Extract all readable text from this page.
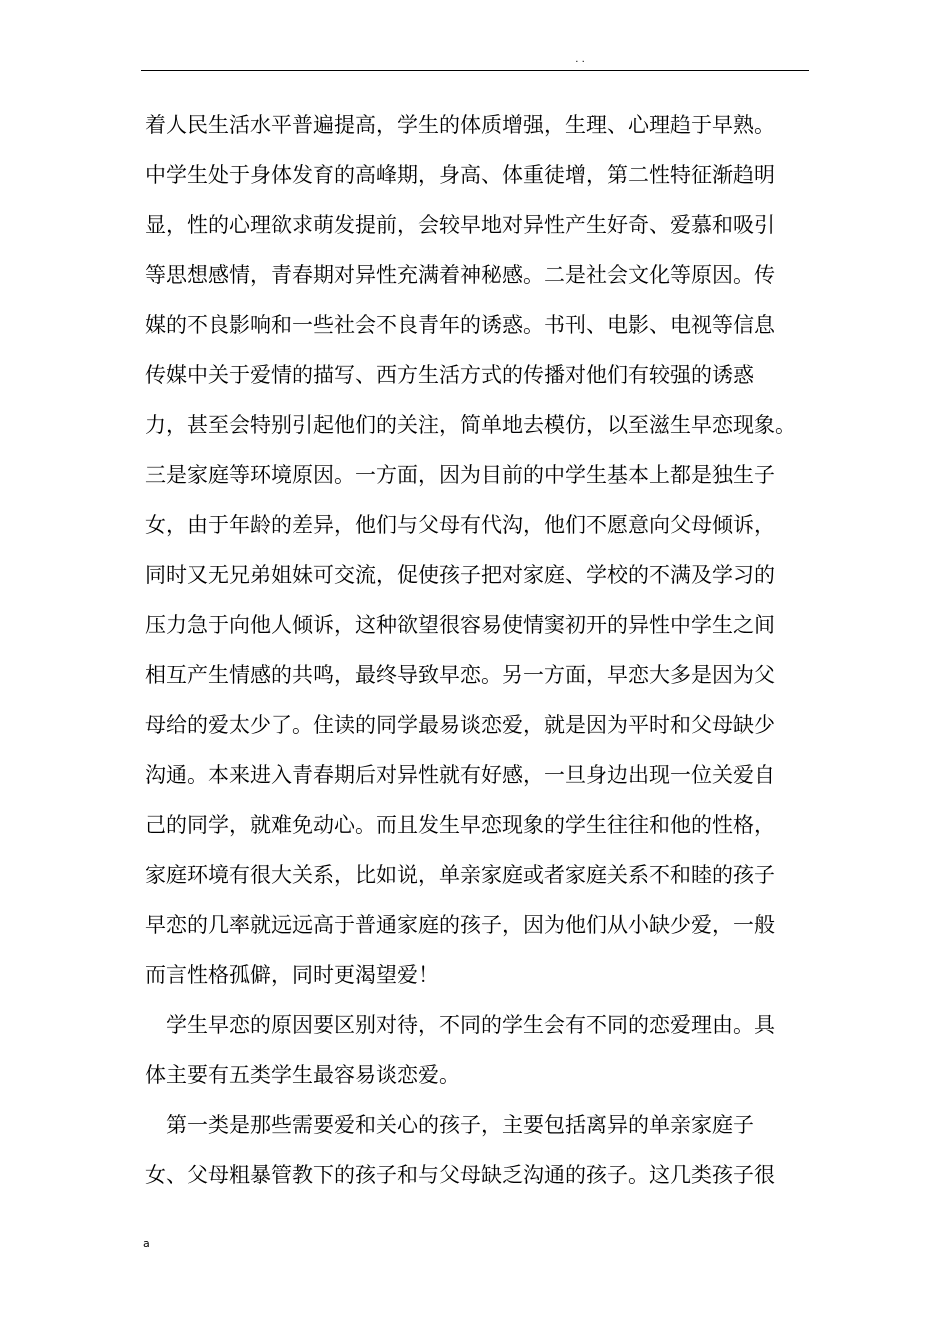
· ·
着人民生活水平普遍提高，学生的体质增强，生理、心理趋于早熟。
中学生处于身体发育的高峰期，身高、体重徒增，第二性特征渐趋明
显，性的心理欲求萌发提前，会较早地对异性产生好奇、爱慕和吸引
等思想感情，青春期对异性充满着神秘感。二是社会文化等原因。传
媒的不良影响和一些社会不良青年的诱惑。书刊、电影、电视等信息
传媒中关于爱情的描写、西方生活方式的传播对他们有较强的诱惑
力，甚至会特别引起他们的关注，简单地去模仿，以至滋生早恋现象。
三是家庭等环境原因。一方面，因为目前的中学生基本上都是独生子
女，由于年龄的差异，他们与父母有代沟，他们不愿意向父母倾诉，
同时又无兄弟姐妹可交流，促使孩子把对家庭、学校的不满及学习的
压力急于向他人倾诉，这种欲望很容易使情窦初开的异性中学生之间
相互产生情感的共鸣，最终导致早恋。另一方面，早恋大多是因为父
母给的爱太少了。住读的同学最易谈恋爱，就是因为平时和父母缺少
沟通。本来进入青春期后对异性就有好感，一旦身边出现一位关爱自
己的同学，就难免动心。而且发生早恋现象的学生往往和他的性格，
家庭环境有很大关系，比如说，单亲家庭或者家庭关系不和睦的孩子
早恋的几率就远远高于普通家庭的孩子，因为他们从小缺少爱，一般
而言性格孤僻，同时更渴望爱！
学生早恋的原因要区别对待，不同的学生会有不同的恋爱理由。具
体主要有五类学生最容易谈恋爱。
第一类是那些需要爱和关心的孩子，主要包括离异的单亲家庭子
女、父母粗暴管教下的孩子和与父母缺乏沟通的孩子。这几类孩子很
a
